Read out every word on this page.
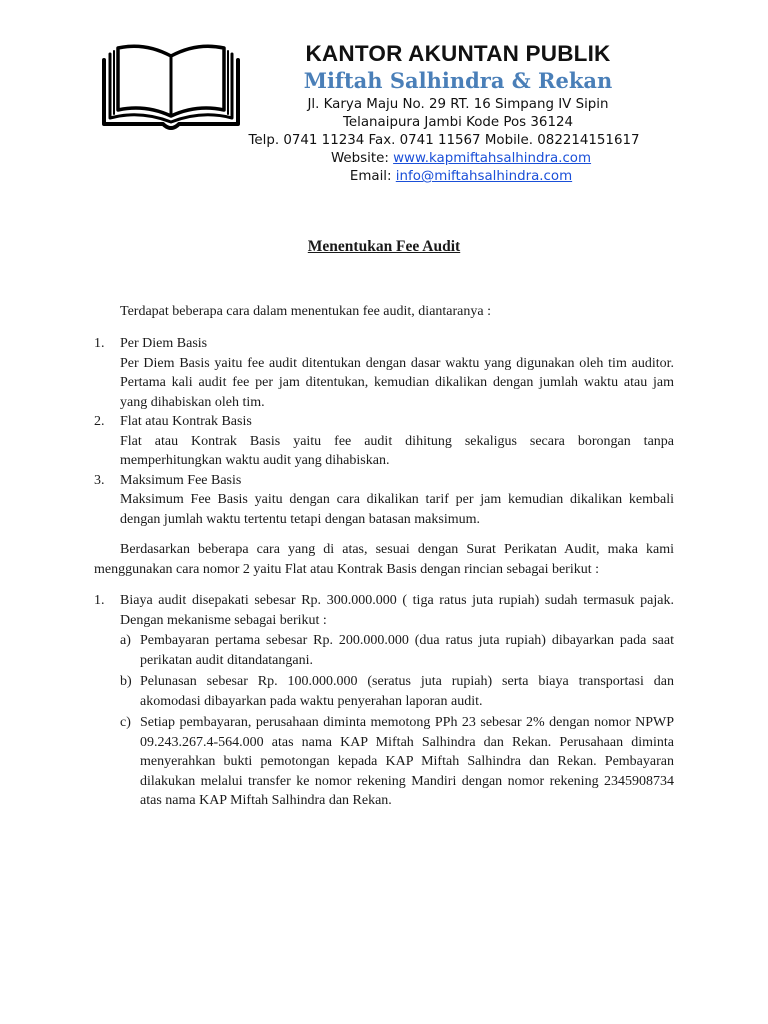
KANTOR AKUNTAN PUBLIK
Miftah Salhindra & Rekan
Jl. Karya Maju No. 29 RT. 16 Simpang IV Sipin
Telanaipura Jambi Kode Pos 36124
Telp. 0741 11234 Fax. 0741 11567 Mobile. 082214151617
Website: www.kapmiftahsalhindra.com
Email: info@miftahsalhindra.com
Menentukan Fee Audit
Terdapat beberapa cara dalam menentukan fee audit, diantaranya :
1. Per Diem Basis
Per Diem Basis yaitu fee audit ditentukan dengan dasar waktu yang digunakan oleh tim auditor. Pertama kali audit fee per jam ditentukan, kemudian dikalikan dengan jumlah waktu atau jam yang dihabiskan oleh tim.
2. Flat atau Kontrak Basis
Flat atau Kontrak Basis yaitu fee audit dihitung sekaligus secara borongan tanpa memperhitungkan waktu audit yang dihabiskan.
3. Maksimum Fee Basis
Maksimum Fee Basis yaitu dengan cara dikalikan tarif per jam kemudian dikalikan kembali dengan jumlah waktu tertentu tetapi dengan batasan maksimum.
Berdasarkan beberapa cara yang di atas, sesuai dengan Surat Perikatan Audit, maka kami menggunakan cara nomor 2 yaitu Flat atau Kontrak Basis dengan rincian sebagai berikut :
1. Biaya audit disepakati sebesar Rp. 300.000.000 ( tiga ratus juta rupiah) sudah termasuk pajak. Dengan mekanisme sebagai berikut :
a) Pembayaran pertama sebesar Rp. 200.000.000 (dua ratus juta rupiah) dibayarkan pada saat perikatan audit ditandatangani.
b) Pelunasan sebesar Rp. 100.000.000 (seratus juta rupiah) serta biaya transportasi dan akomodasi dibayarkan pada waktu penyerahan laporan audit.
c) Setiap pembayaran, perusahaan diminta memotong PPh 23 sebesar 2% dengan nomor NPWP 09.243.267.4-564.000 atas nama KAP Miftah Salhindra dan Rekan. Perusahaan diminta menyerahkan bukti pemotongan kepada KAP Miftah Salhindra dan Rekan. Pembayaran dilakukan melalui transfer ke nomor rekening Mandiri dengan nomor rekening 2345908734 atas nama KAP Miftah Salhindra dan Rekan.
